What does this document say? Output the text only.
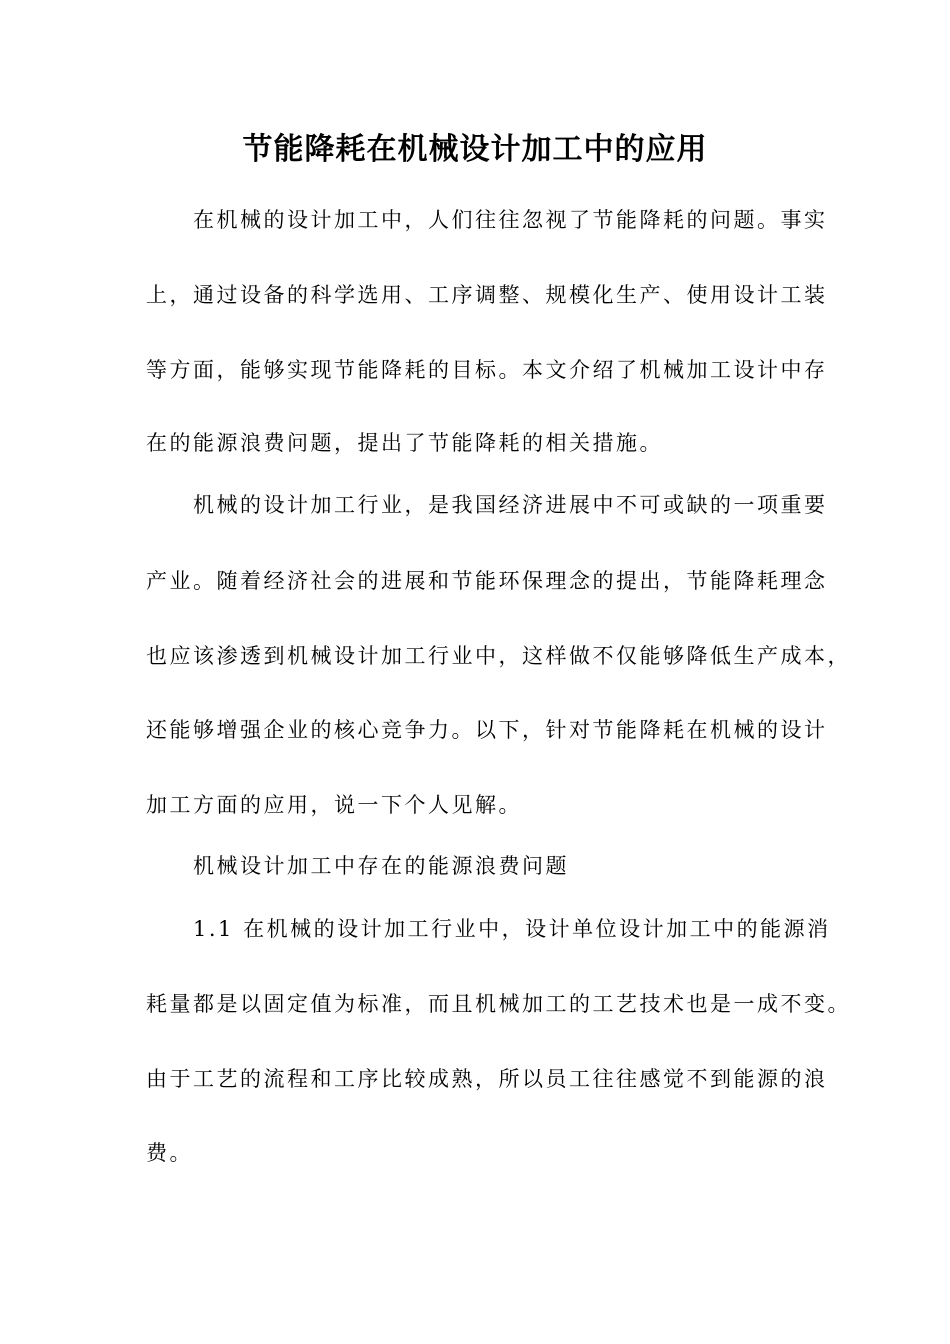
节能降耗在机械设计加工中的应用
在机械的设计加工中，人们往往忽视了节能降耗的问题。事实
上，通过设备的科学选用、工序调整、规模化生产、使用设计工装
等方面，能够实现节能降耗的目标。本文介绍了机械加工设计中存
在的能源浪费问题，提出了节能降耗的相关措施。
机械的设计加工行业，是我国经济进展中不可或缺的一项重要
产业。随着经济社会的进展和节能环保理念的提出，节能降耗理念
也应该渗透到机械设计加工行业中，这样做不仅能够降低生产成本，
还能够增强企业的核心竞争力。以下，针对节能降耗在机械的设计
加工方面的应用，说一下个人见解。
机械设计加工中存在的能源浪费问题
1.1 在机械的设计加工行业中，设计单位设计加工中的能源消
耗量都是以固定值为标准，而且机械加工的工艺技术也是一成不变。
由于工艺的流程和工序比较成熟，所以员工往往感觉不到能源的浪
费。
